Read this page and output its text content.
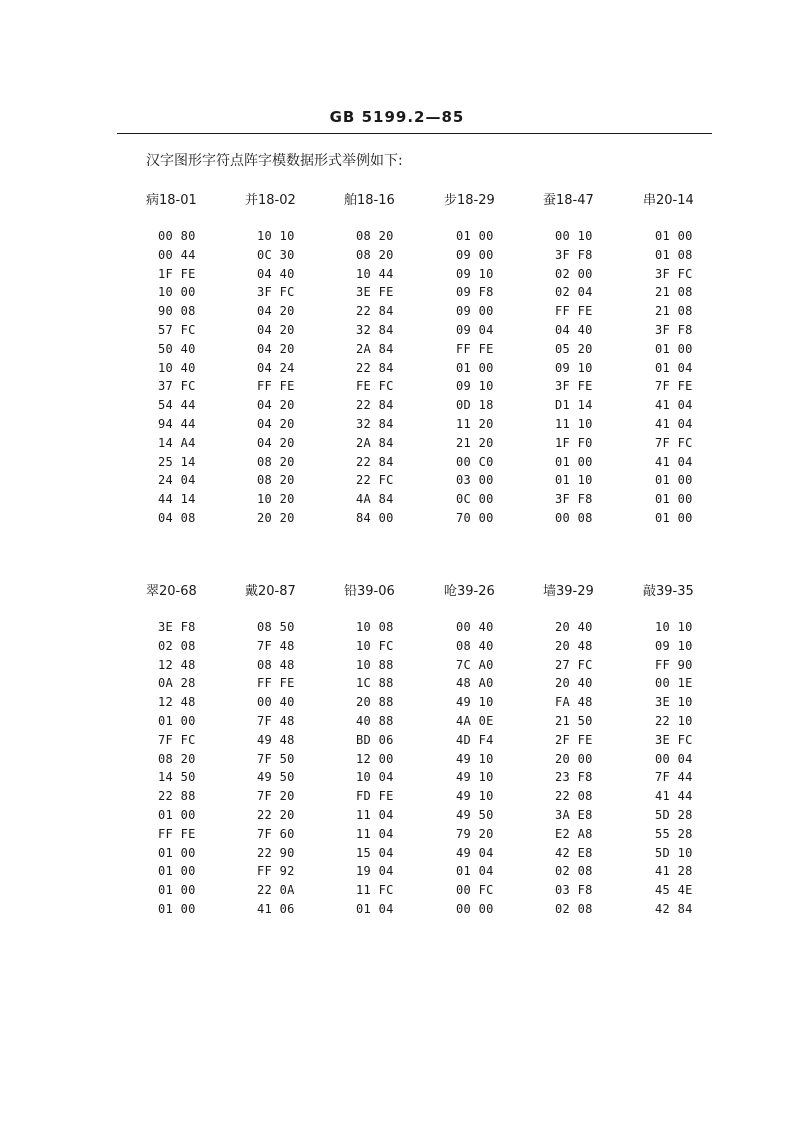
GB 5199.2—85
汉字图形字符点阵字模数据形式举例如下:
病18-01
00 80
00 44
1F FE
10 00
90 08
57 FC
50 40
10 40
37 FC
54 44
94 44
14 A4
25 14
24 04
44 14
04 08
并18-02
10 10
0C 30
04 40
3F FC
04 20
04 20
04 20
04 24
FF FE
04 20
04 20
04 20
08 20
08 20
10 20
20 20
舶18-16
08 20
08 20
10 44
3E FE
22 84
32 84
2A 84
22 84
FE FC
22 84
32 84
2A 84
22 84
22 FC
4A 84
84 00
步18-29
01 00
09 00
09 10
09 F8
09 00
09 04
FF FE
01 00
09 10
0D 18
11 20
21 20
00 C0
03 00
0C 00
70 00
蚕18-47
00 10
3F F8
02 00
02 04
FF FE
04 40
05 20
09 10
3F FE
D1 14
11 10
1F F0
01 00
01 10
3F F8
00 08
串20-14
01 00
01 08
3F FC
21 08
21 08
3F F8
01 00
01 04
7F FE
41 04
41 04
7F FC
41 04
01 00
01 00
01 00
翠20-68
3E F8
02 08
12 48
0A 28
12 48
01 00
7F FC
08 20
14 50
22 88
01 00
FF FE
01 00
01 00
01 00
01 00
戴20-87
08 50
7F 48
08 48
FF FE
00 40
7F 48
49 48
7F 50
49 50
7F 20
22 20
7F 60
22 90
FF 92
22 0A
41 06
铅39-06
10 08
10 FC
10 88
1C 88
20 88
40 88
BD 06
12 00
10 04
FD FE
11 04
11 04
15 04
19 04
11 FC
01 04
呛39-26
00 40
08 40
7C A0
48 A0
49 10
4A 0E
4D F4
49 10
49 10
49 10
49 50
79 20
49 04
01 04
00 FC
00 00
墙39-29
20 40
20 48
27 FC
20 40
FA 48
21 50
2F FE
20 00
23 F8
22 08
3A E8
E2 A8
42 E8
02 08
03 F8
02 08
敲39-35
10 10
09 10
FF 90
00 1E
3E 10
22 10
3E FC
00 04
7F 44
41 44
5D 28
55 28
5D 10
41 28
45 4E
42 84
